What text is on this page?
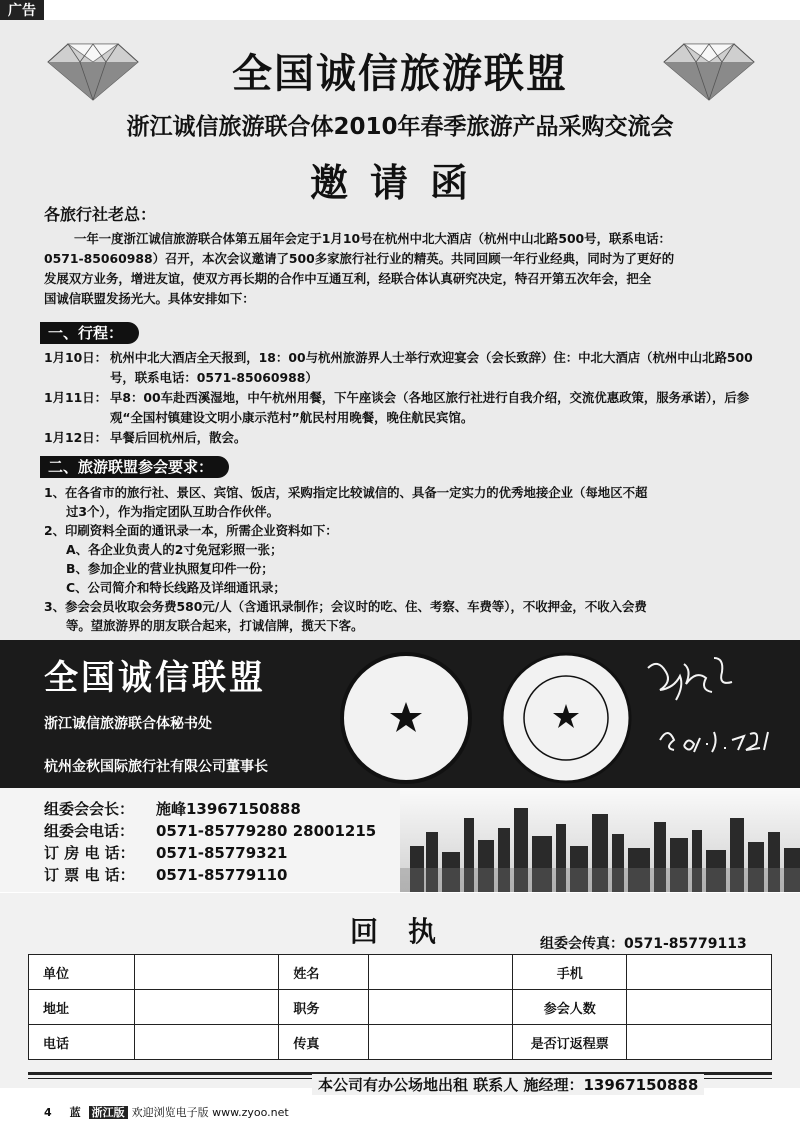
广告
全国诚信旅游联盟
浙江诚信旅游联合体2010年春季旅游产品采购交流会
邀请函
各旅行社老总：
一年一度浙江诚信旅游联合体第五届年会定于1月10号在杭州中北大酒店（杭州中山北路500号，联系电话：
0571-85060988）召开，本次会议邀请了500多家旅行社行业的精英。共同回顾一年行业经典，同时为了更好的
发展双方业务，增进友谊，使双方再长期的合作中互通互利，经联合体认真研究决定，特召开第五次年会，把全
国诚信联盟发扬光大。具体安排如下：
一、行程：
1月10日： 杭州中北大酒店全天报到，18：00与杭州旅游界人士举行欢迎宴会（会长致辞）住：中北大酒店（杭州中山北路500号，联系电话：0571-85060988）
1月11日： 早8：00车赴西溪湿地，中午杭州用餐，下午座谈会（各地区旅行社进行自我介绍，交流优惠政策，服务承诺），后参观“全国村镇建设文明小康示范村”航民村用晚餐，晚住航民宾馆。
1月12日： 早餐后回杭州后，散会。
二、旅游联盟参会要求：
1、在各省市的旅行社、景区、宾馆、饭店，采购指定比较诚信的、具备一定实力的优秀地接企业（每地区不超
过3个），作为指定团队互助合作伙伴。
2、印刷资料全面的通讯录一本，所需企业资料如下：
A、各企业负责人的2寸免冠彩照一张；
B、参加企业的营业执照复印件一份；
C、公司简介和特长线路及详细通讯录；
3、参会会员收取会务费580元/人（含通讯录制作；会议时的吃、住、考察、车费等），不收押金，不收入会费
等。望旅游界的朋友联合起来，打诚信牌，揽天下客。
全国诚信联盟
浙江诚信旅游联合体秘书处
杭州金秋国际旅行社有限公司董事长
组委会会长： 施峰13967150888
组委会电话： 0571-85779280 28001215
订 房 电 话： 0571-85779321
订 票 电 话： 0571-85779110
回执	组委会传真：0571-85779113
单位		姓名		手机	
地址		职务		参会人数	
电话		传真		是否订返程票	
本公司有办公场地出租 联系人 施经理：13967150888
4 蓝 浙江版 欢迎浏览电子版 www.zyoo.net
